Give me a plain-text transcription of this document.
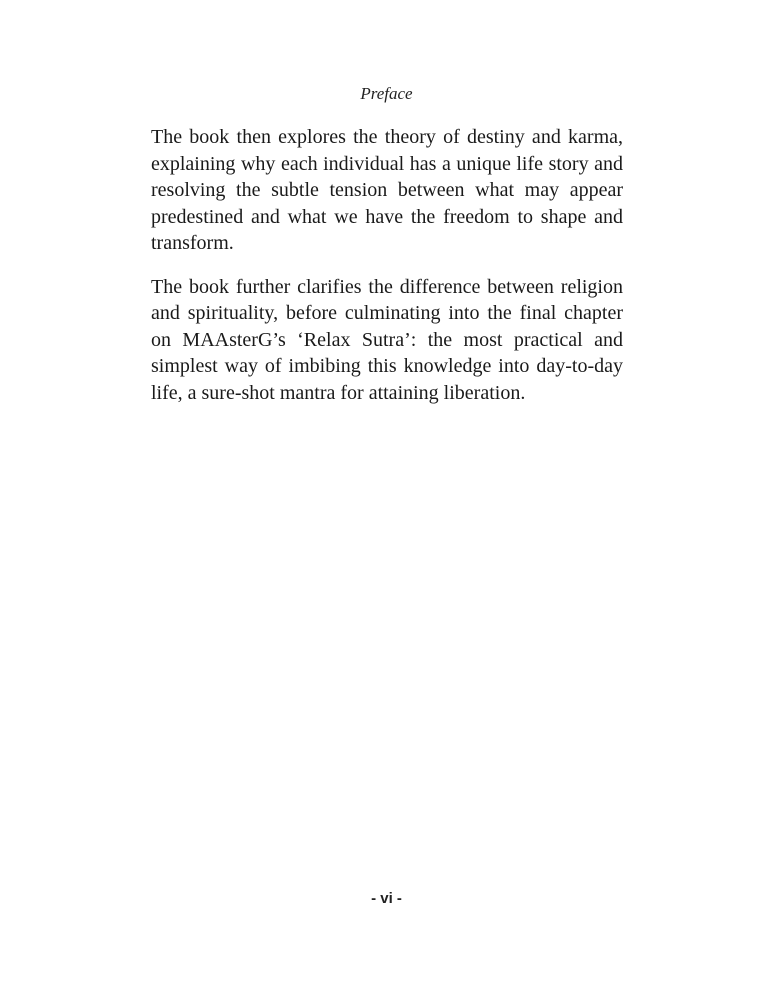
Preface

The book then explores the theory of destiny and karma, explaining why each individual has a unique life story and resolving the subtle tension between what may appear predestined and what we have the freedom to shape and transform.

The book further clarifies the difference between religion and spirituality, before culminating into the final chapter on MAAsterG’s ‘Relax Sutra’: the most practical and simplest way of imbibing this knowledge into day-to-day life, a sure-shot mantra for attaining liberation.

- vi -
